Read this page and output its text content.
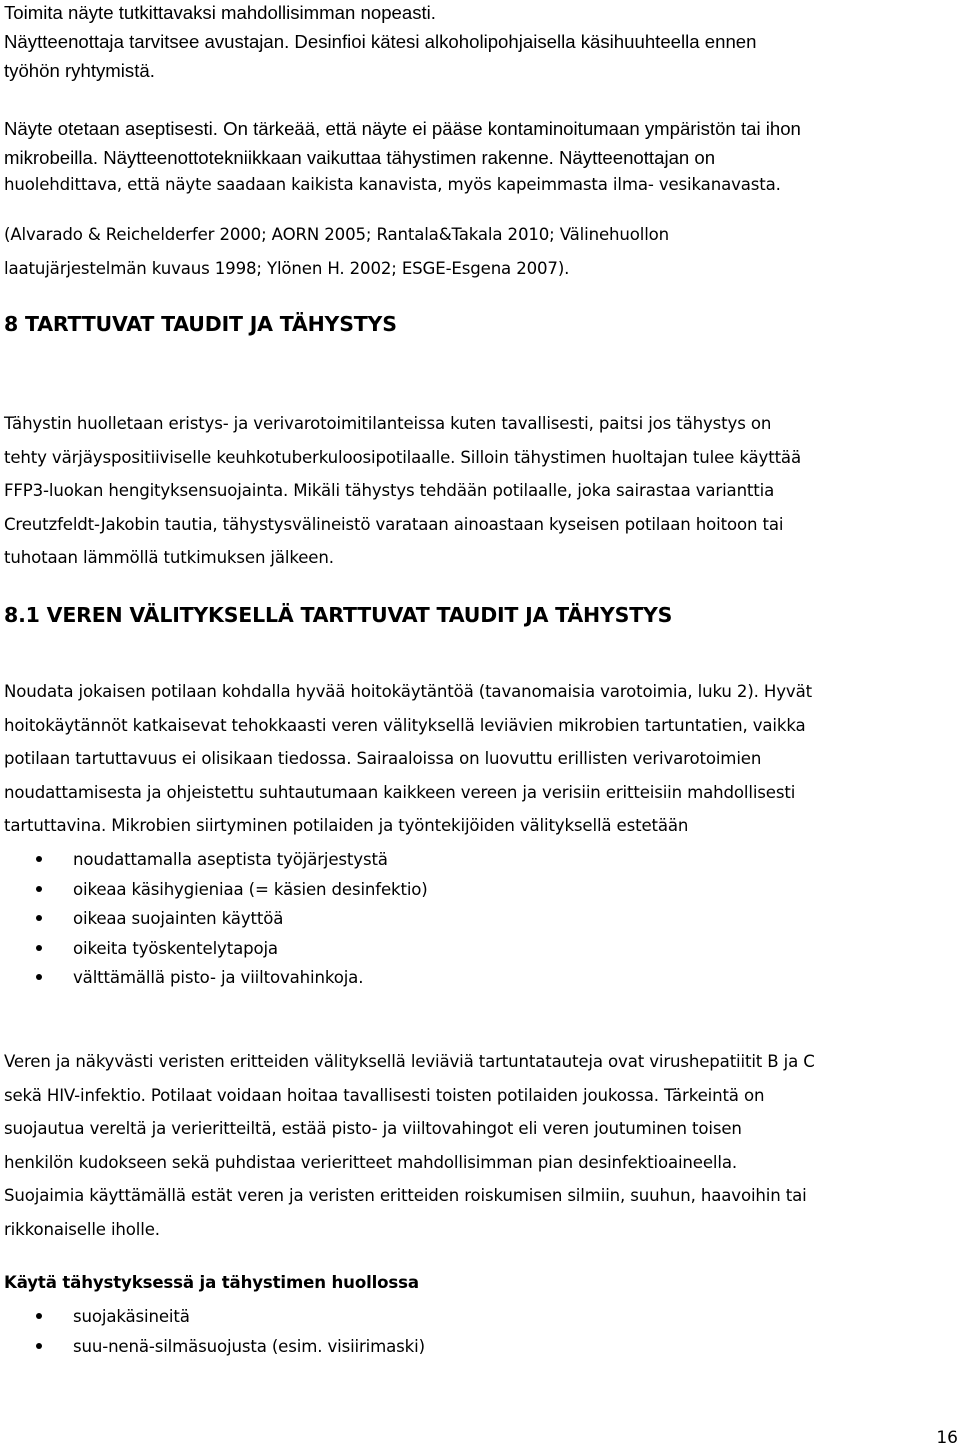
Toimita näyte tutkittavaksi mahdollisimman nopeasti.
Näytteenottaja tarvitsee avustajan. Desinfioi kätesi alkoholipohjaisella käsihuuhteella ennen
työhön ryhtymistä.
Näyte otetaan aseptisesti. On tärkeää, että näyte ei pääse kontaminoitumaan ympäristön tai ihon
mikrobeilla. Näytteenottotekniikkaan vaikuttaa tähystimen rakenne. Näytteenottajan on
huolehdittava, että näyte saadaan kaikista kanavista, myös kapeimmasta ilma- vesikanavasta.
(Alvarado & Reichelderfer 2000; AORN 2005; Rantala&Takala 2010; Välinehuollon
laatujärjestelmän kuvaus 1998; Ylönen H. 2002; ESGE-Esgena 2007).
8 TARTTUVAT TAUDIT JA TÄHYSTYS
Tähystin huolletaan eristys- ja verivarotoimitilanteissa kuten tavallisesti, paitsi jos tähystys on
tehty värjäyspositiiviselle keuhkotuberkuloosipotilaalle. Silloin tähystimen huoltajan tulee käyttää
FFP3-luokan hengityksensuojainta. Mikäli tähystys tehdään potilaalle, joka sairastaa varianttia
Creutzfeldt-Jakobin tautia, tähystysvälineistö varataan ainoastaan kyseisen potilaan hoitoon tai
tuhotaan lämmöllä tutkimuksen jälkeen.
8.1 VEREN VÄLITYKSELLÄ TARTTUVAT TAUDIT JA TÄHYSTYS
Noudata jokaisen potilaan kohdalla hyvää hoitokäytäntöä (tavanomaisia varotoimia, luku 2). Hyvät
hoitokäytännöt katkaisevat tehokkaasti veren välityksellä leviävien mikrobien tartuntatien, vaikka
potilaan tartuttavuus ei olisikaan tiedossa. Sairaaloissa on luovuttu erillisten verivarotoimien
noudattamisesta ja ohjeistettu suhtautumaan kaikkeen vereen ja verisiin eritteisiin mahdollisesti
tartuttavina. Mikrobien siirtyminen potilaiden ja työntekijöiden välityksellä estetään
noudattamalla aseptista työjärjestystä
oikeaa käsihygieniaa (= käsien desinfektio)
oikeaa suojainten käyttöä
oikeita työskentelytapoja
välttämällä pisto- ja viiltovahinkoja.
Veren ja näkyvästi veristen eritteiden välityksellä leviäviä tartuntatauteja ovat virushepatiitit B ja C
sekä HIV-infektio. Potilaat voidaan hoitaa tavallisesti toisten potilaiden joukossa. Tärkeintä on
suojautua vereltä ja verieritteiltä, estää pisto- ja viiltovahingot eli veren joutuminen toisen
henkilön kudokseen sekä puhdistaa verieritteet mahdollisimman pian desinfektioaineella.
Suojaimia käyttämällä estät veren ja veristen eritteiden roiskumisen silmiin, suuhun, haavoihin tai
rikkonaiselle iholle.
Käytä tähystyksessä ja tähystimen huollossa
suojakäsineitä
suu-nenä-silmäsuojusta (esim. visiirimaski)
16
